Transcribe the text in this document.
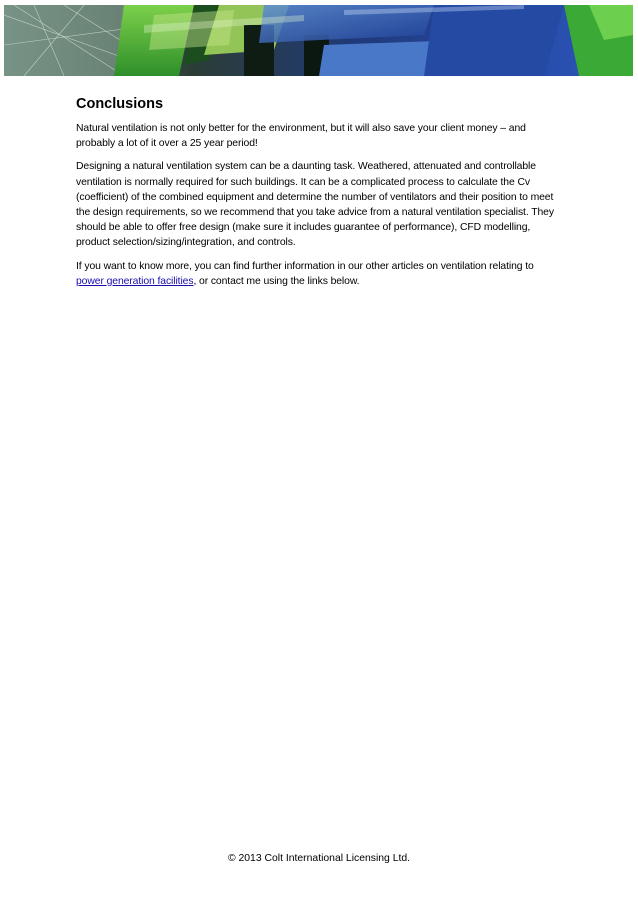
Conclusions

Natural ventilation is not only better for the environment, but it will also save your client money – and probably a lot of it over a 25 year period!

Designing a natural ventilation system can be a daunting task. Weathered, attenuated and controllable ventilation is normally required for such buildings. It can be a complicated process to calculate the Cv (coefficient) of the combined equipment and determine the number of ventilators and their position to meet the design requirements, so we recommend that you take advice from a natural ventilation specialist. They should be able to offer free design (make sure it includes guarantee of performance), CFD modelling, product selection/sizing/integration, and controls.

If you want to know more, you can find further information in our other articles on ventilation relating to power generation facilities, or contact me using the links below.

© 2013 Colt International Licensing Ltd.
